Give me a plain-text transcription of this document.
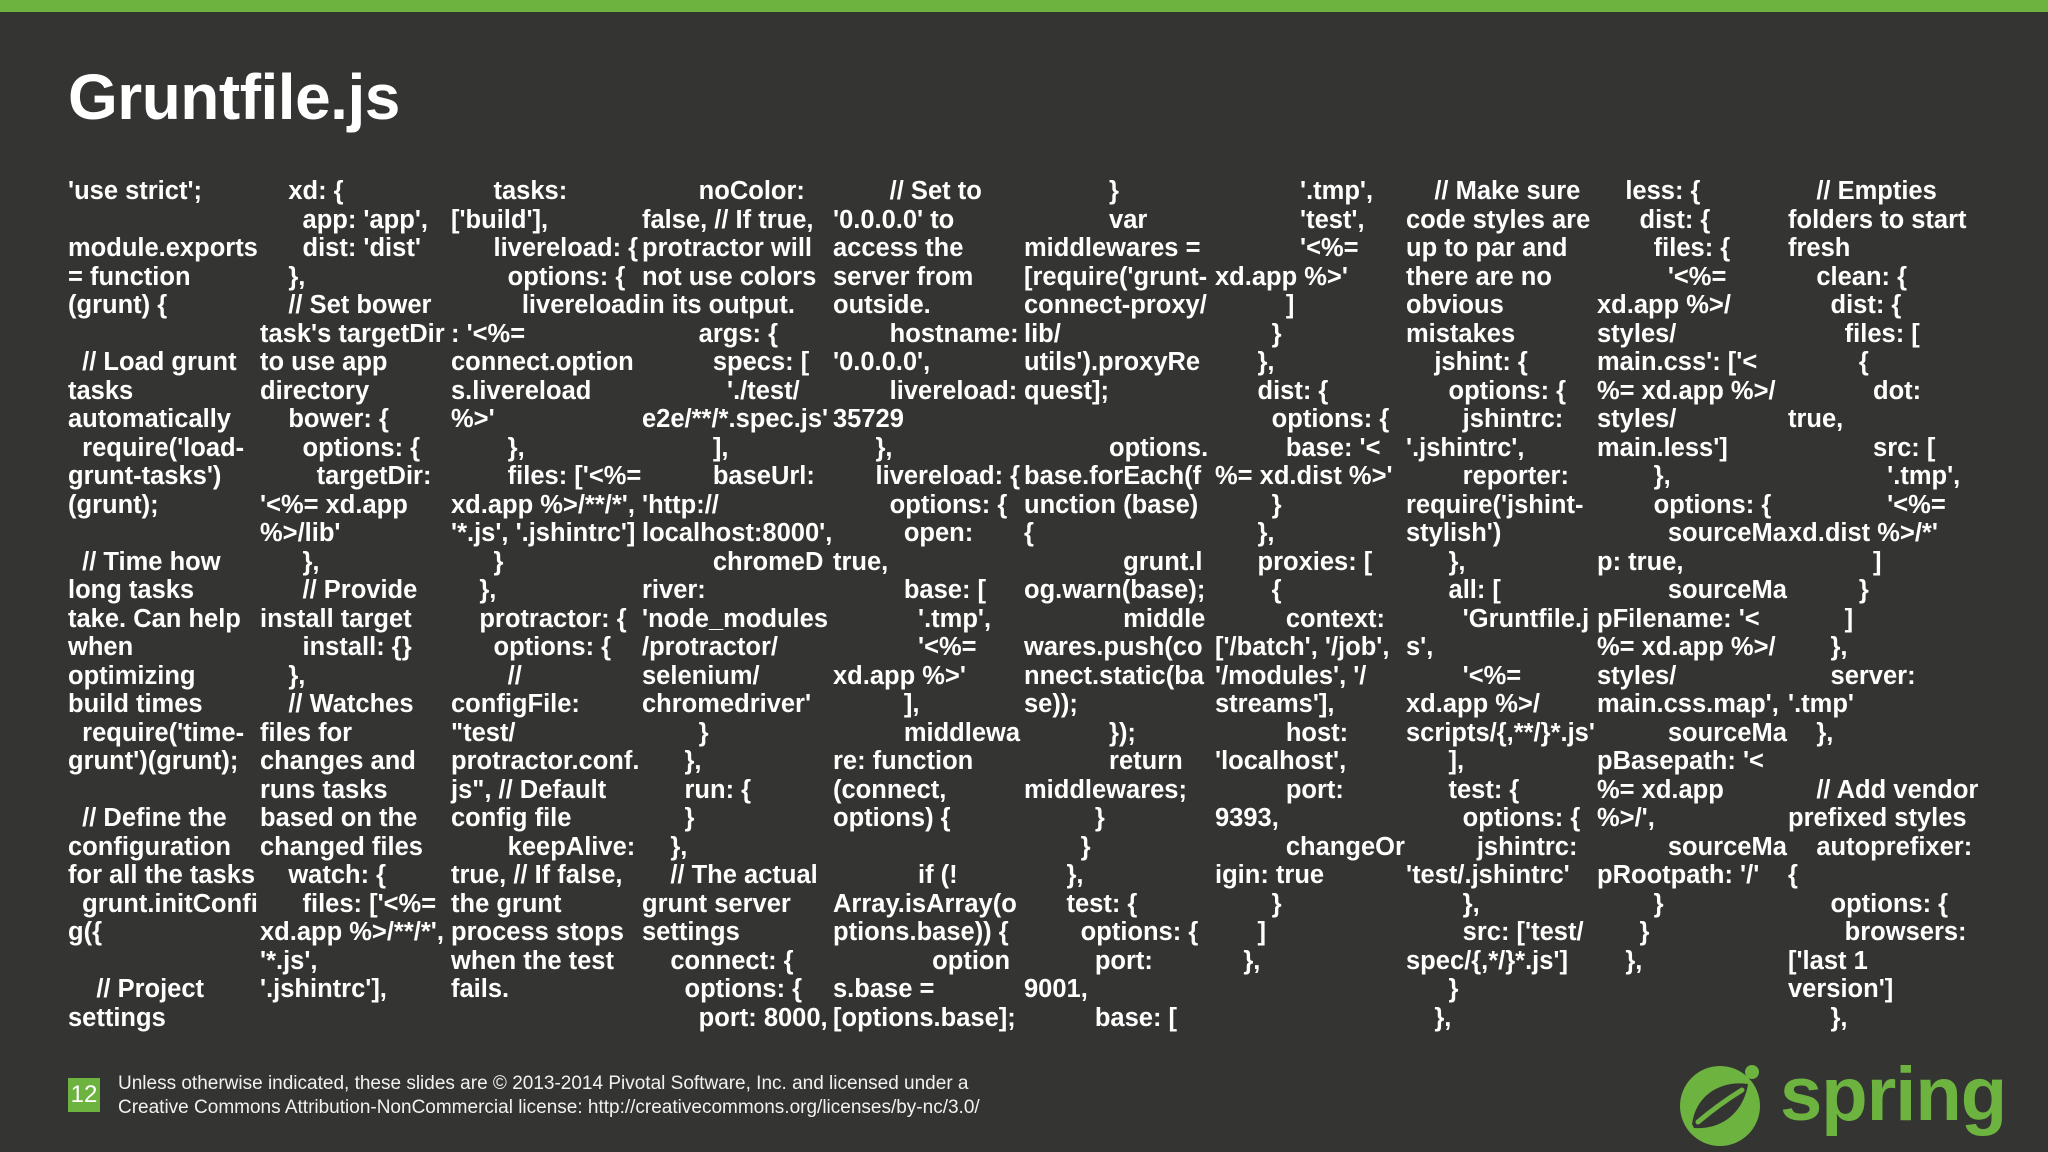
Gruntfile.js
'use strict';

module.exports
= function
(grunt) {

// Load grunt
tasks
automatically
require('load-
grunt-tasks')
(grunt);

// Time how
long tasks
take. Can help
when
optimizing
build times
require('time-
grunt')(grunt);

// Define the
configuration
for all the tasks
grunt.initConfi
g({

// Project
settings
xd: {
app: 'app',
dist: 'dist'
},
// Set bower
task's targetDir
to use app
directory
bower: {
options: {
targetDir:
'<%= xd.app
%>/lib'
},
// Provide
install target
install: {}
},
// Watches
files for
changes and
runs tasks
based on the
changed files
watch: {
files: ['<%=
xd.app %>/**/*',
'*.js',
'.jshintrc'],
tasks:
['build'],
livereload: {
options: {
livereload
: '<%=
connect.option
s.livereload
%>'
},
files: ['<%=
xd.app %>/**/*',
'*.js', '.jshintrc']
}
},
protractor: {
options: {
//
configFile:
"test/
protractor.conf.
js", // Default
config file
keepAlive:
true, // If false,
the grunt
process stops
when the test
fails.
noColor:
false, // If true,
protractor will
not use colors
in its output.
args: {
specs: [
'./test/
e2e/**/*.spec.js'
],
baseUrl:
'http://
localhost:8000',
chromeD
river:
'node_modules
/protractor/
selenium/
chromedriver'
}
},
run: {
}
},
// The actual
grunt server
settings
connect: {
options: {
port: 8000,
// Set to
'0.0.0.0' to
access the
server from
outside.
hostname:
'0.0.0.0',
livereload:
35729
},
livereload: {
options: {
open:
true,
base: [
'.tmp',
'<%=
xd.app %>'
],
middlewa
re: function
(connect,
options) {

if (!
Array.isArray(o
ptions.base)) {
option
s.base =
[options.base];
}
var
middlewares =
[require('grunt-
connect-proxy/
lib/
utils').proxyRe
quest];

options.
base.forEach(f
unction (base)
{
grunt.l
og.warn(base);
middle
wares.push(co
nnect.static(ba
se));
});
return
middlewares;
}
}
},
test: {
options: {
port:
9001,
base: [
'.tmp',
'test',
'<%=
xd.app %>'
]
}
},
dist: {
options: {
base: '<
%= xd.dist %>'
}
},
proxies: [
{
context:
['/batch', '/job',
'/modules', '/
streams'],
host:
'localhost',
port:
9393,
changeOr
igin: true
}
]
},
// Make sure
code styles are
up to par and
there are no
obvious
mistakes
jshint: {
options: {
jshintrc:
'.jshintrc',
reporter:
require('jshint-
stylish')
},
all: [
'Gruntfile.j
s',
'<%=
xd.app %>/
scripts/{,**/}*.js'
],
test: {
options: {
jshintrc:
'test/.jshintrc'
},
src: ['test/
spec/{,*/}*.js']
}
},
less: {
dist: {
files: {
'<%=
xd.app %>/
styles/
main.css': ['<
%= xd.app %>/
styles/
main.less']
},
options: {
sourceMa
p: true,
sourceMa
pFilename: '<
%= xd.app %>/
styles/
main.css.map',
sourceMa
pBasepath: '<
%= xd.app
%>/',
sourceMa
pRootpath: '/'
}
}
},
// Empties
folders to start
fresh
clean: {
dist: {
files: [
{
dot:
true,
src: [
'.tmp',
'<%=
xd.dist %>/*'
]
}
]
},
server:
'.tmp'
},

// Add vendor
prefixed styles
autoprefixer:
{
options: {
browsers:
['last 1
version']
},
12 Unless otherwise indicated, these slides are © 2013-2014 Pivotal Software, Inc. and licensed under a
Creative Commons Attribution-NonCommercial license: http://creativecommons.org/licenses/by-nc/3.0/	spring
